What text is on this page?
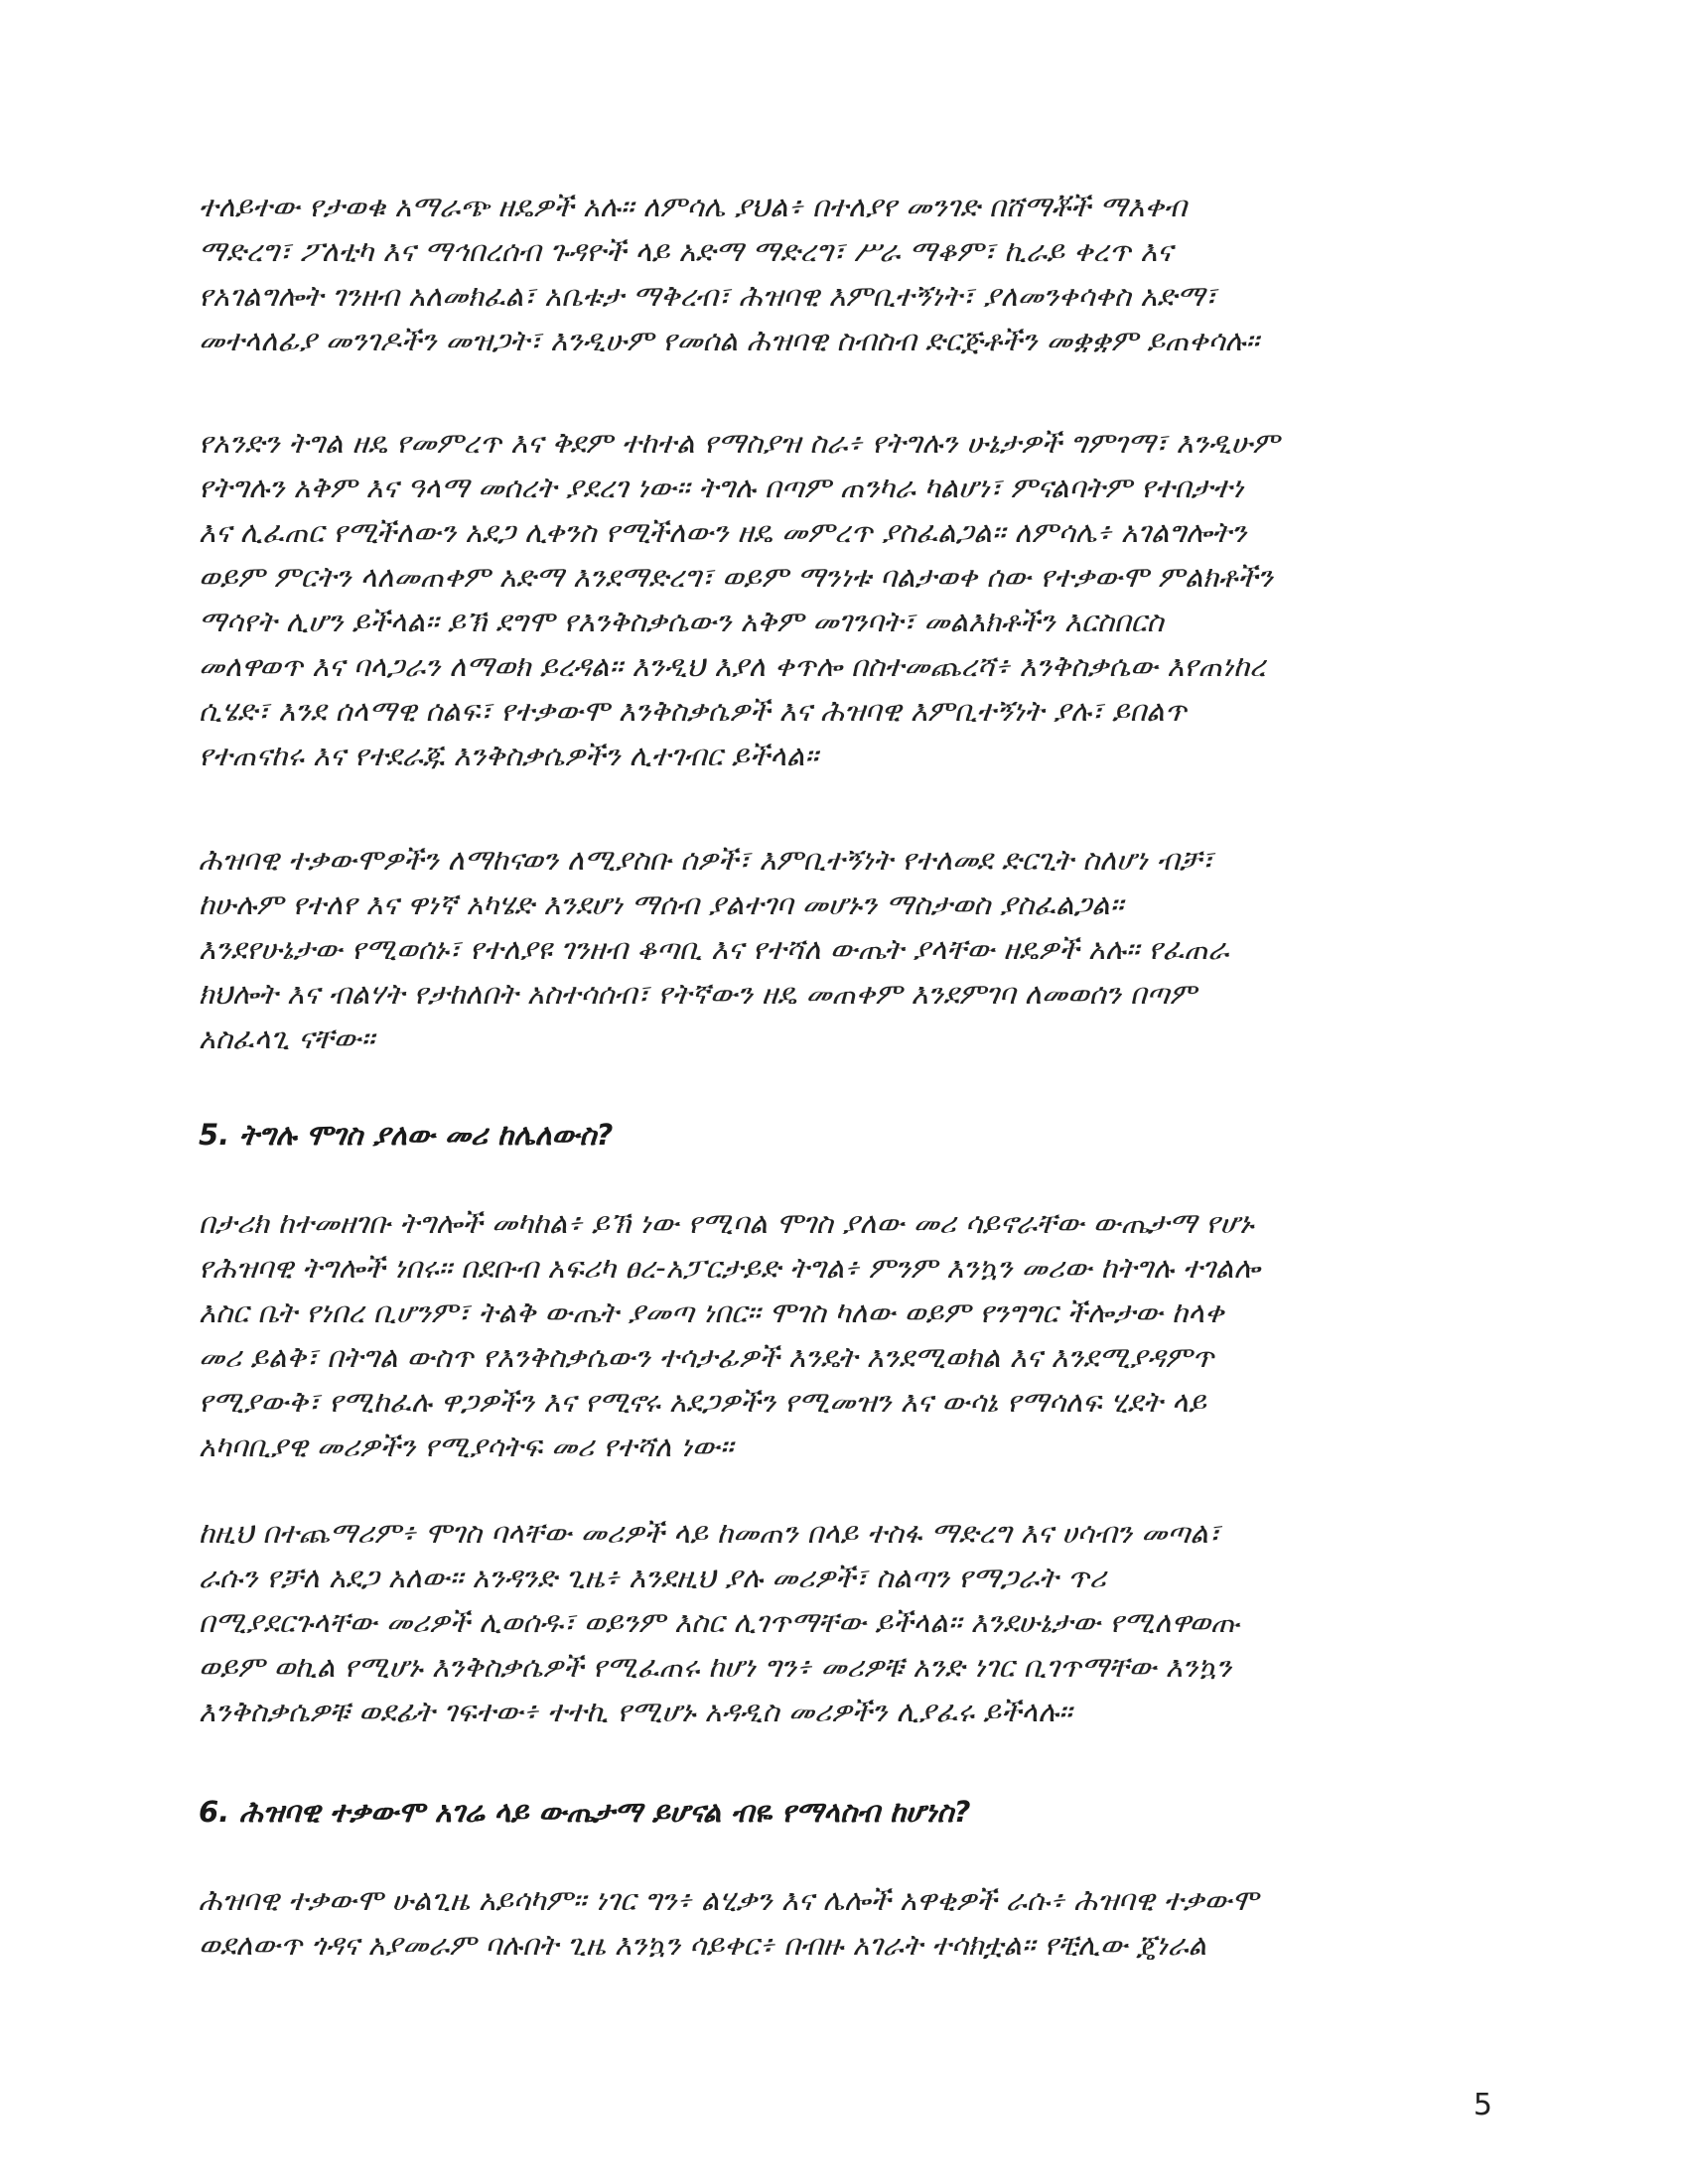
ተለይተው የታወቁ አማራጭ ዘዴዎች አሉ። ለምሳሌ ያህል፥ በተለያየ መንገድ በሸማቾች ማእቀብ
ማድረግ፣ ፖለቲካ እና ማኅበረሰብ ጉዳዮች ላይ አድማ ማድረግ፣ ሥራ ማቆም፣ ኪራይ ቀረጥ እና
የአገልግሎት ገንዘብ አለመክፈል፣ አቤቱታ ማቅረብ፣ ሕዝባዊ እምቢተኝነት፣ ያለመንቀሳቀስ አድማ፣
መተላለፊያ መንገዶችን መዝጋት፣ እንዲሁም የመሰል ሕዝባዊ ስብስብ ድርጅቶችን መቋቋም ይጠቀሳሉ።

የአንድን ትግል ዘዴ የመምረጥ እና ቅደም ተከተል የማስያዝ ስራ፥ የትግሉን ሁኔታዎች ግምገማ፣ እንዲሁም
የትግሉን አቅም እና ዓላማ መሰረት ያደረገ ነው። ትግሉ በጣም ጠንካራ ካልሆነ፣ ምናልባትም የተበታተነ
እና ሊፈጠር የሚችለውን አደጋ ሊቀንስ የሚችለውን ዘዴ መምረጥ ያስፈልጋል። ለምሳሌ፥ አገልግሎትን
ወይም ምርትን ላለመጠቀም አድማ እንደማድረግ፣ ወይም ማንነቱ ባልታወቀ ሰው የተቃውሞ ምልክቶችን
ማሳየት ሊሆን ይችላል። ይኽ ደግሞ የእንቅስቃሴውን አቅም መገንባት፣ መልእክቶችን እርስበርስ
መለዋወጥ እና ባላጋራን ለማወክ ይረዳል። እንዲህ እያለ ቀጥሎ በስተመጨረሻ፥ እንቅስቃሴው እየጠነከረ
ሲሄድ፣ እንደ ሰላማዊ ሰልፍ፣ የተቃውሞ እንቅስቃሴዎች እና ሕዝባዊ እምቢተኝነት ያሉ፣ ይበልጥ
የተጠናከሩ እና የተደራጁ እንቅስቃሴዎችን ሊተገብር ይችላል።

ሕዝባዊ ተቃውሞዎችን ለማከናወን ለሚያስቡ ሰዎች፣ እምቢተኝነት የተለመደ ድርጊት ስለሆነ ብቻ፣
ከሁሉም የተለየ እና ዋነኛ አካሄድ እንደሆነ ማሰብ ያልተገባ መሆኑን ማስታወስ ያስፈልጋል።
እንደየሁኔታው የሚወሰኑ፣ የተለያዩ ገንዘብ ቆጣቢ እና የተሻለ ውጤት ያላቸው ዘዴዎች አሉ። የፈጠራ
ክህሎት እና ብልሃት የታከለበት አስተሳሰብ፣ የትኛውን ዘዴ መጠቀም እንደምገባ ለመወሰን በጣም
አስፈላጊ ናቸው።

5. ትግሉ ሞገስ ያለው መሪ ከሌለውስ?

በታሪክ ከተመዘገቡ ትግሎች መካከል፥ ይኽ ነው የሚባል ሞገስ ያለው መሪ ሳይኖራቸው ውጤታማ የሆኑ
የሕዝባዊ ትግሎች ነበሩ። በደቡብ አፍሪካ ፀረ-አፓርታይድ ትግል፥ ምንም እንኳን መሪው ከትግሉ ተገልሎ
እስር ቤት የነበረ ቢሆንም፣ ትልቅ ውጤት ያመጣ ነበር። ሞገስ ካለው ወይም የንግግር ችሎታው ከላቀ
መሪ ይልቅ፣ በትግል ውስጥ የእንቅስቃሴውን ተሳታፊዎች እንዴት እንደሚወክል እና እንደሚያዳምጥ
የሚያውቅ፣ የሚከፈሉ ዋጋዎችን እና የሚኖሩ አደጋዎችን የሚመዝን እና ውሳኔ የማሳለፍ ሂደት ላይ
አካባቢያዊ መሪዎችን የሚያሳትፍ መሪ የተሻለ ነው።

ከዚህ በተጨማሪም፥ ሞገስ ባላቸው መሪዎች ላይ ከመጠን በላይ ተስፋ ማድረግ እና ሀሳብን መጣል፣
ራሱን የቻለ አደጋ አለው። አንዳንድ ጊዜ፥ እንደዚህ ያሉ መሪዎች፣ ስልጣን የማጋራት ጥሪ
በሚያደርጉላቸው መሪዎች ሊወሰዱ፣ ወይንም እስር ሊገጥማቸው ይችላል። እንደሁኔታው የሚለዋወጡ
ወይም ወኪል የሚሆኑ እንቅስቃሴዎች የሚፈጠሩ ከሆነ ግን፥ መሪዎቹ አንድ ነገር ቢገጥማቸው እንኳን
እንቅስቃሴዎቹ ወደፊት ገፍተው፥ ተተኪ የሚሆኑ አዳዲስ መሪዎችን ሊያፈሩ ይችላሉ።

6. ሕዝባዊ ተቃውሞ አገሬ ላይ ውጤታማ ይሆናል ብዬ የማላስብ ከሆነስ?

ሕዝባዊ ተቃውሞ ሁልጊዜ አይሳካም። ነገር ግን፥ ልሂቃን እና ሌሎች አዋቂዎች ራሱ፥ ሕዝባዊ ተቃውሞ
ወደለውጥ ጎዳና አያመራም ባሉበት ጊዜ እንኳን ሳይቀር፥ በብዙ አገራት ተሳክቷል። የቺሊው ጄነራል

5
